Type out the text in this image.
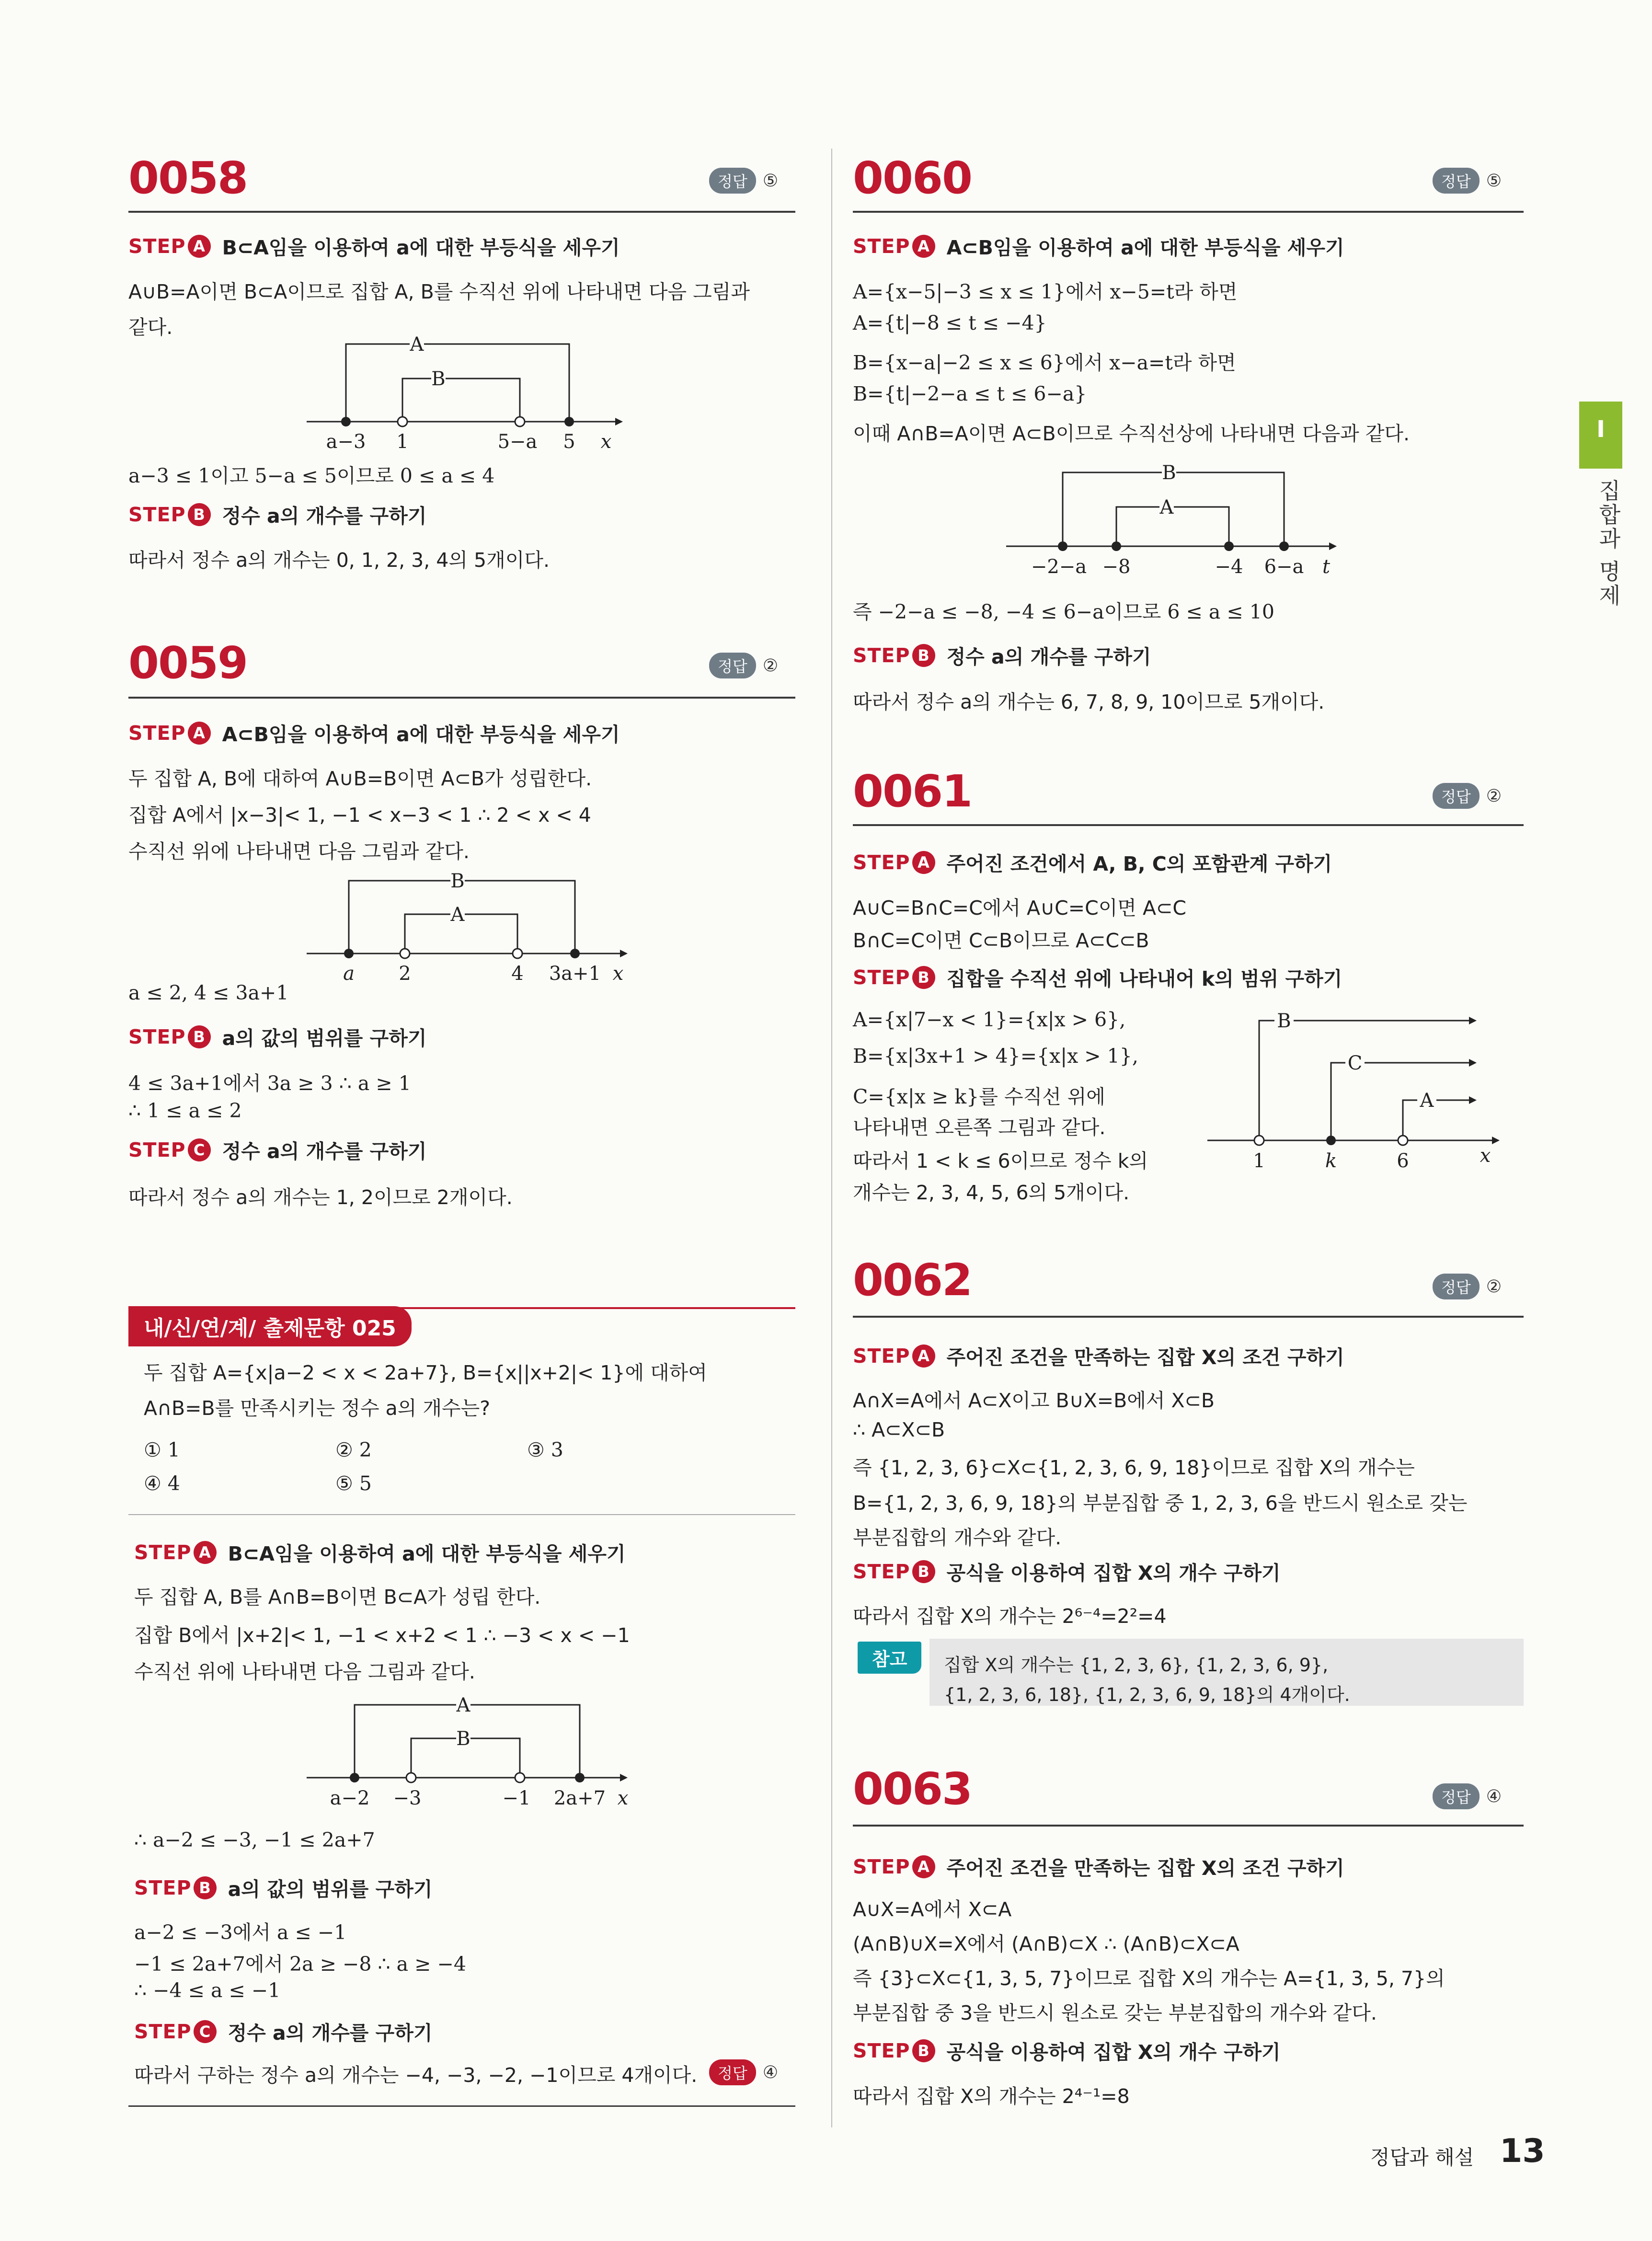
0058	정답 ⑤
STEP A B⊂A임을 이용하여 a에 대한 부등식을 세우기
A∪B=A이면 B⊂A이므로 집합 A, B를 수직선 위에 나타내면 다음 그림과
같다.
A
B
a−3 1	5−a 5 x
a−3 ≤ 1이고 5−a ≤ 5이므로 0 ≤ a ≤ 4
STEP B 정수 a의 개수를 구하기
따라서 정수 a의 개수는 0, 1, 2, 3, 4의 5개이다.
0059	정답 ②
STEP A A⊂B임을 이용하여 a에 대한 부등식을 세우기
두 집합 A, B에 대하여 A∪B=B이면 A⊂B가 성립한다.
집합 A에서 |x−3|< 1, −1 < x−3 < 1 ∴ 2 < x < 4
수직선 위에 나타내면 다음 그림과 같다.
B
A
a 2	4 3a+1 x
a ≤ 2, 4 ≤ 3a+1
STEP B a의 값의 범위를 구하기
4 ≤ 3a+1에서 3a ≥ 3 ∴ a ≥ 1
∴ 1 ≤ a ≤ 2
STEP C 정수 a의 개수를 구하기
따라서 정수 a의 개수는 1, 2이므로 2개이다.
내/신/연/계/ 출제문항 025
두 집합 A={x|a−2 < x < 2a+7}, B={x||x+2|< 1}에 대하여
A∩B=B를 만족시키는 정수 a의 개수는?
① 1	② 2	③ 3
④ 4	⑤ 5
STEP A B⊂A임을 이용하여 a에 대한 부등식을 세우기
두 집합 A, B를 A∩B=B이면 B⊂A가 성립 한다.
집합 B에서 |x+2|< 1, −1 < x+2 < 1 ∴ −3 < x < −1
수직선 위에 나타내면 다음 그림과 같다.
A
B
a−2 −3	−1 2a+7 x
∴ a−2 ≤ −3, −1 ≤ 2a+7
STEP B a의 값의 범위를 구하기
a−2 ≤ −3에서 a ≤ −1
−1 ≤ 2a+7에서 2a ≥ −8 ∴ a ≥ −4
∴ −4 ≤ a ≤ −1
STEP C 정수 a의 개수를 구하기
따라서 구하는 정수 a의 개수는 −4, −3, −2, −1이므로 4개이다.	정답 ④
0060	정답 ⑤
STEP A A⊂B임을 이용하여 a에 대한 부등식을 세우기
A={x−5|−3 ≤ x ≤ 1}에서 x−5=t라 하면
A={t|−8 ≤ t ≤ −4}
B={x−a|−2 ≤ x ≤ 6}에서 x−a=t라 하면
B={t|−2−a ≤ t ≤ 6−a}
이때 A∩B=A이면 A⊂B이므로 수직선상에 나타내면 다음과 같다.
B
A
−2−a −8	−4 6−a t
즉 −2−a ≤ −8, −4 ≤ 6−a이므로 6 ≤ a ≤ 10
STEP B 정수 a의 개수를 구하기
따라서 정수 a의 개수는 6, 7, 8, 9, 10이므로 5개이다.
0061	정답 ②
STEP A 주어진 조건에서 A, B, C의 포함관계 구하기
A∪C=B∩C=C에서 A∪C=C이면 A⊂C
B∩C=C이면 C⊂B이므로 A⊂C⊂B
STEP B 집합을 수직선 위에 나타내어 k의 범위 구하기
A={x|7−x < 1}={x|x > 6},
B={x|3x+1 > 4}={x|x > 1},
C={x|x ≥ k}를 수직선 위에
나타내면 오른쪽 그림과 같다.
따라서 1 < k ≤ 6이므로 정수 k의
개수는 2, 3, 4, 5, 6의 5개이다.
B
C
A
1	k	6	x
0062	정답 ②
STEP A 주어진 조건을 만족하는 집합 X의 조건 구하기
A∩X=A에서 A⊂X이고 B∪X=B에서 X⊂B
∴ A⊂X⊂B
즉 {1, 2, 3, 6}⊂X⊂{1, 2, 3, 6, 9, 18}이므로 집합 X의 개수는
B={1, 2, 3, 6, 9, 18}의 부분집합 중 1, 2, 3, 6을 반드시 원소로 갖는
부분집합의 개수와 같다.
STEP B 공식을 이용하여 집합 X의 개수 구하기
따라서 집합 X의 개수는 2⁶⁻⁴=2²=4
참고	집합 X의 개수는 {1, 2, 3, 6}, {1, 2, 3, 6, 9},
{1, 2, 3, 6, 18}, {1, 2, 3, 6, 9, 18}의 4개이다.
0063	정답 ④
STEP A 주어진 조건을 만족하는 집합 X의 조건 구하기
A∪X=A에서 X⊂A
(A∩B)∪X=X에서 (A∩B)⊂X ∴ (A∩B)⊂X⊂A
즉 {3}⊂X⊂{1, 3, 5, 7}이므로 집합 X의 개수는 A={1, 3, 5, 7}의
부분집합 중 3을 반드시 원소로 갖는 부분집합의 개수와 같다.
STEP B 공식을 이용하여 집합 X의 개수 구하기
따라서 집합 X의 개수는 2⁴⁻¹=8
I
집합과 명제
정답과 해설 13
